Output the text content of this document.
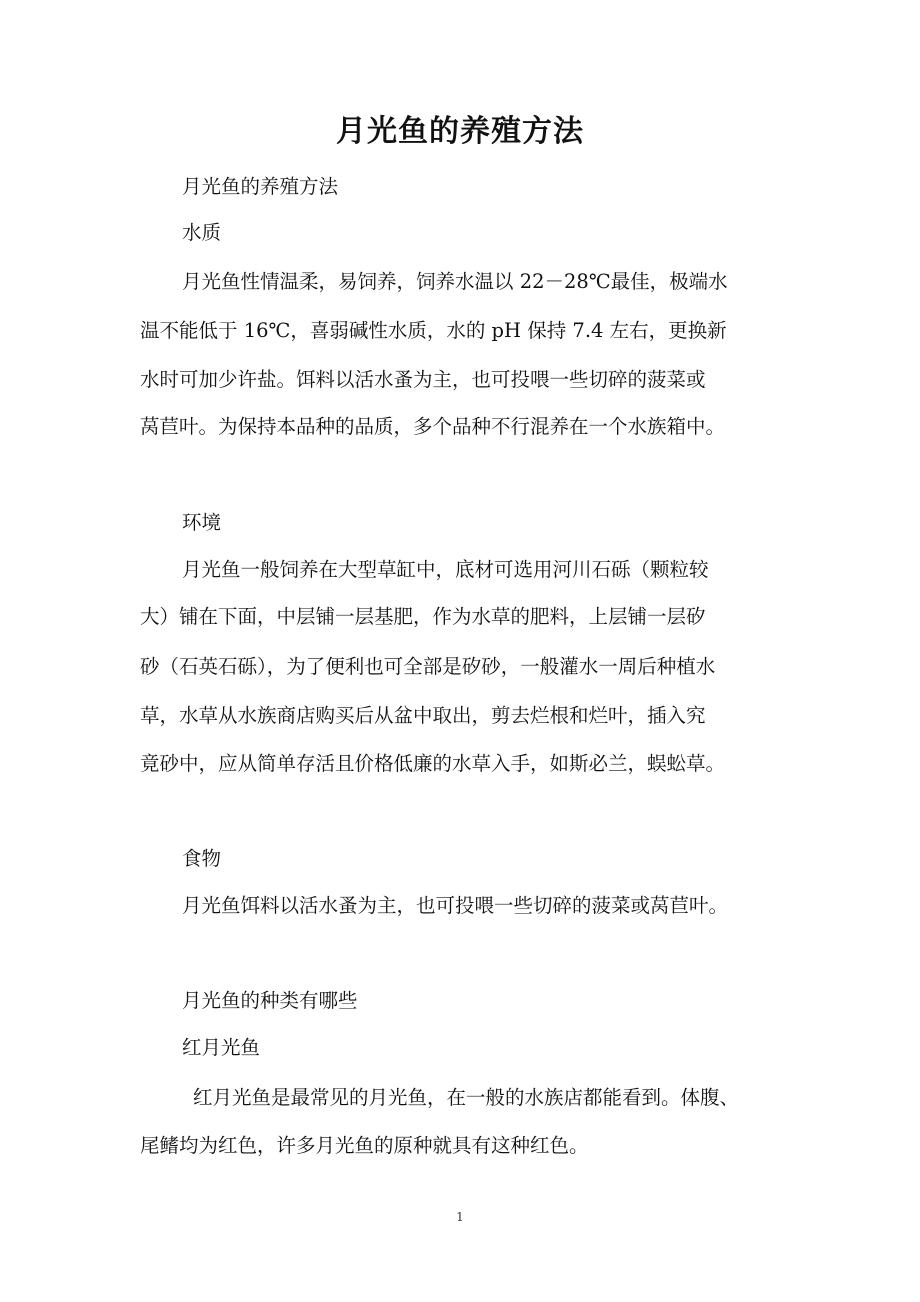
月光鱼的养殖方法
月光鱼的养殖方法
水质
月光鱼性情温柔，易饲养，饲养水温以 22－28℃最佳，极端水
温不能低于 16℃，喜弱碱性水质，水的 pH 保持 7.4 左右，更换新
水时可加少许盐。饵料以活水蚤为主，也可投喂一些切碎的菠菜或
莴苣叶。为保持本品种的品质，多个品种不行混养在一个水族箱中。
环境
月光鱼一般饲养在大型草缸中，底材可选用河川石砾（颗粒较
大）铺在下面，中层铺一层基肥，作为水草的肥料，上层铺一层矽
砂（石英石砾），为了便利也可全部是矽砂，一般灌水一周后种植水
草，水草从水族商店购买后从盆中取出，剪去烂根和烂叶，插入究
竟砂中，应从简单存活且价格低廉的水草入手，如斯必兰，蜈蚣草。
食物
月光鱼饵料以活水蚤为主，也可投喂一些切碎的菠菜或莴苣叶。
月光鱼的种类有哪些
红月光鱼
红月光鱼是最常见的月光鱼，在一般的水族店都能看到。体腹、
尾鳍均为红色，许多月光鱼的原种就具有这种红色。
1
